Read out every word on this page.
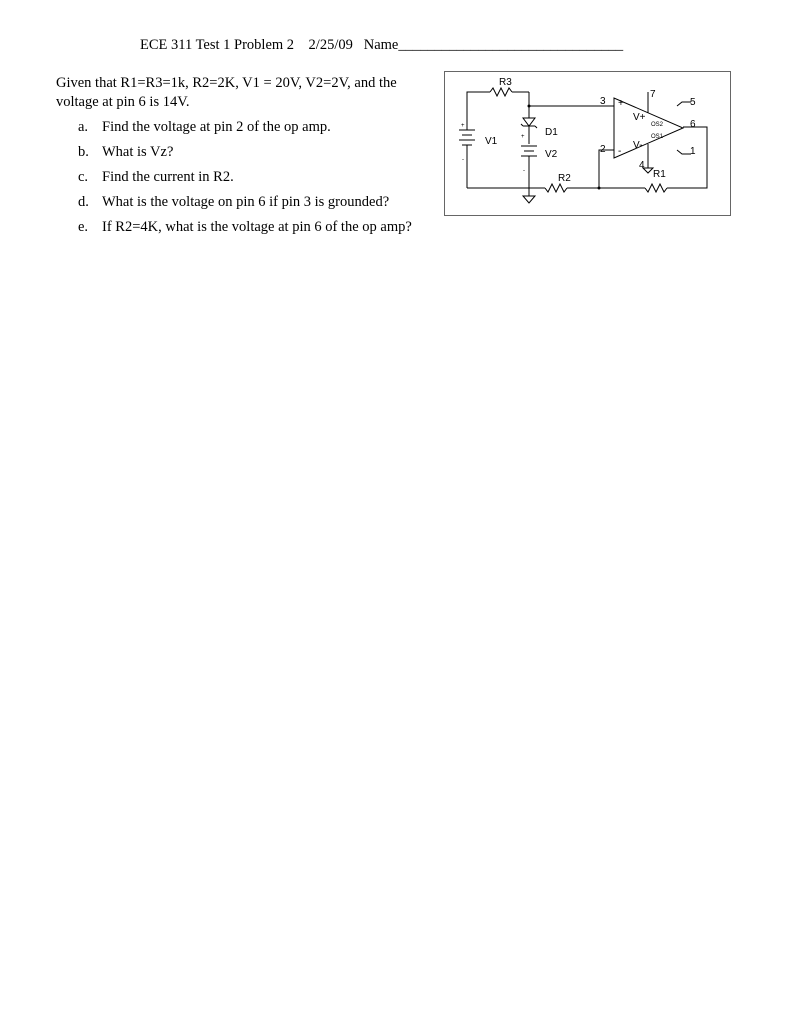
ECE 311 Test 1 Problem 2    2/25/09   Name_______________________________
Given that R1=R3=1k, R2=2K, V1 = 20V, V2=2V, and the voltage at pin 6 is 14V.
a. Find the voltage at pin 2 of the op amp.
b. What is Vz?
c. Find the current in R2.
d. What is the voltage on pin 6 if pin 3 is grounded?
e. If R2=4K, what is the voltage at pin 6 of the op amp?
R3
3 +
7
V+
OS2
5
6
OS1
V-
2 -	1
4
R1
R2
D1
V2
V1
+
-
+
-
